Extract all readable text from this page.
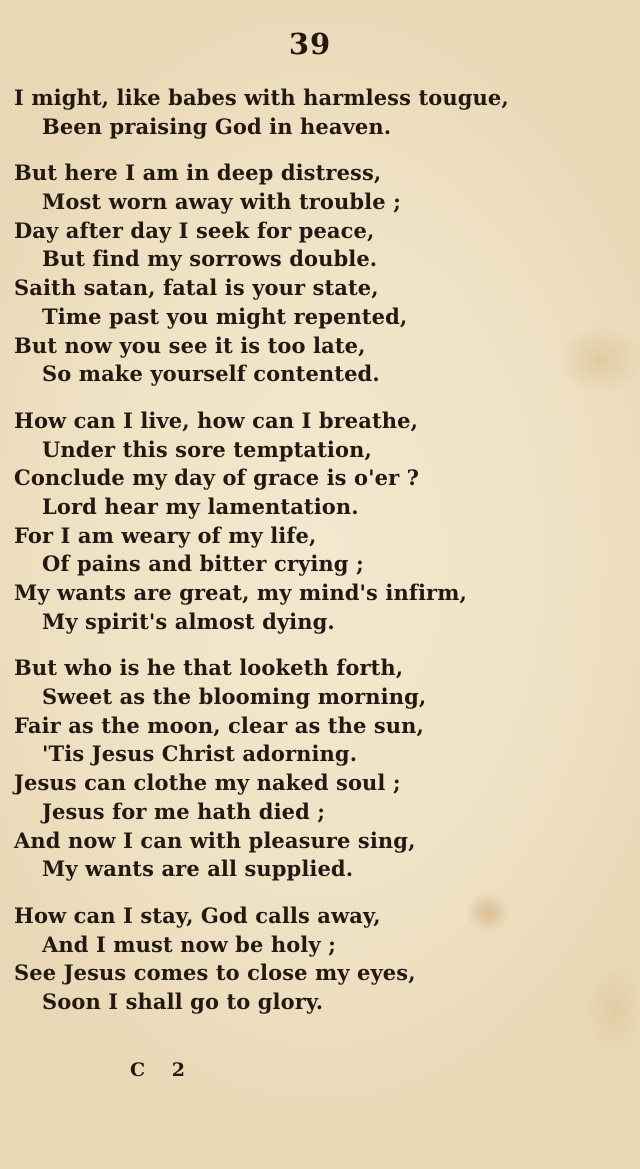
39
I might, like babes with harmless tougue,
Been praising God in heaven.
But here I am in deep distress,
Most worn away with trouble ;
Day after day I seek for peace,
But find my sorrows double.
Saith satan, fatal is your state,
Time past you might repented,
But now you see it is too late,
So make yourself contented.
How can I live, how can I breathe,
Under this sore temptation,
Conclude my day of grace is o'er ?
Lord hear my lamentation.
For I am weary of my life,
Of pains and bitter crying ;
My wants are great, my mind's infirm,
My spirit's almost dying.
But who is he that looketh forth,
Sweet as the blooming morning,
Fair as the moon, clear as the sun,
'Tis Jesus Christ adorning.
Jesus can clothe my naked soul ;
Jesus for me hath died ;
And now I can with pleasure sing,
My wants are all supplied.
How can I stay, God calls away,
And I must now be holy ;
See Jesus comes to close my eyes,
Soon I shall go to glory.
C 2
